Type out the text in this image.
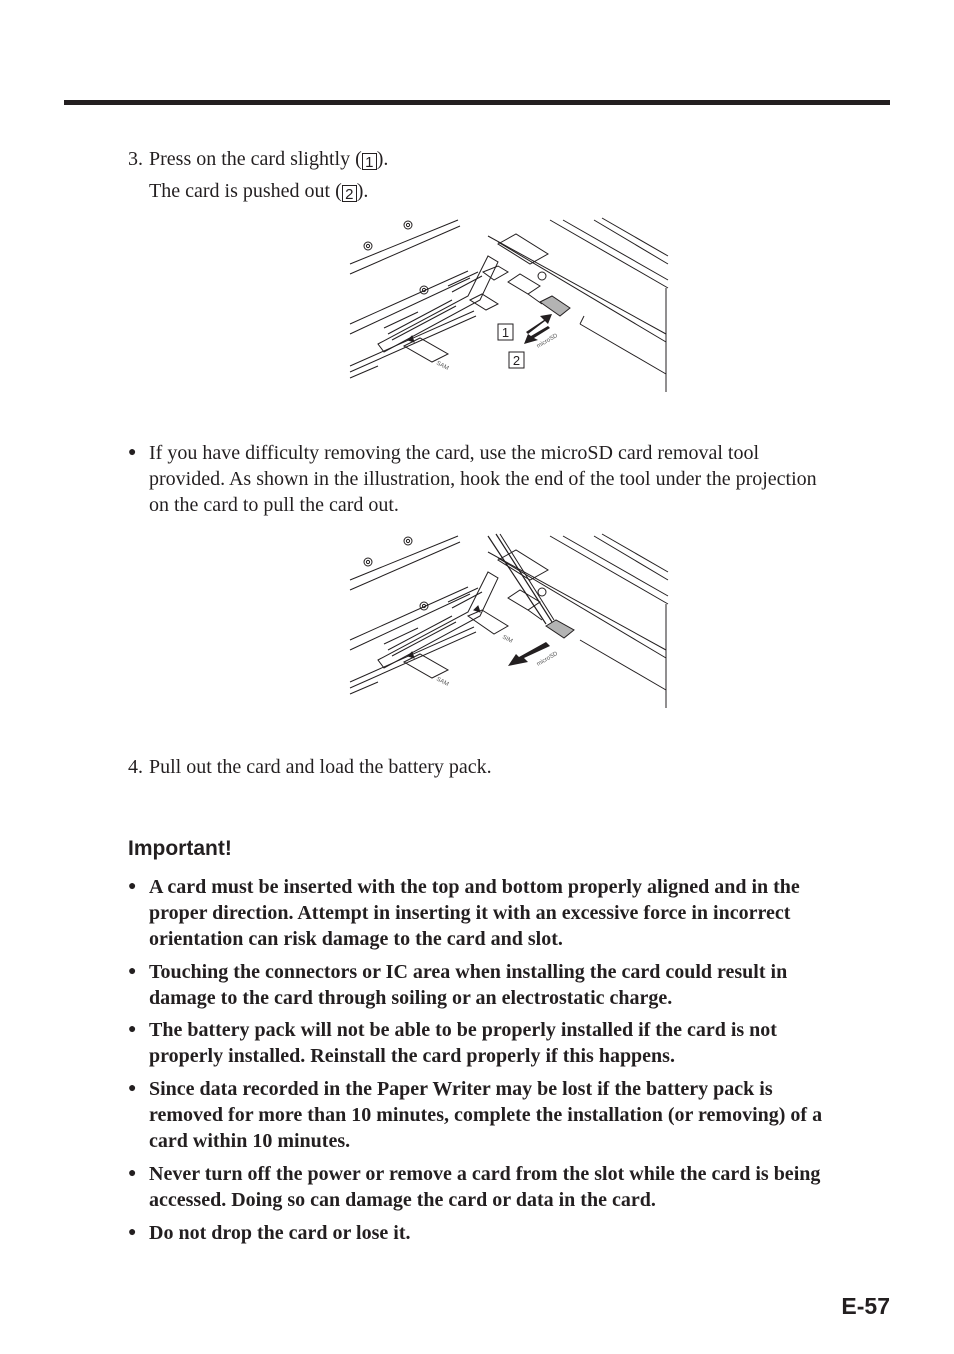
3. Press on the card slightly ( 1 ).
The card is pushed out ( 2 ).
1
2
SAM
microSD
● If you have difficulty removing the card, use the microSD card removal tool
provided. As shown in the illustration, hook the end of the tool under the projection
on the card to pull the card out.
SAM
SIM
microSD
4. Pull out the card and load the battery pack.
Important!
● A card must be inserted with the top and bottom properly aligned and in the
proper direction. Attempt in inserting it with an excessive force in incorrect
orientation can risk damage to the card and slot.
● Touching the connectors or IC area when installing the card could result in
damage to the card through soiling or an electrostatic charge.
● The battery pack will not be able to be properly installed if the card is not
properly installed. Reinstall the card properly if this happens.
● Since data recorded in the Paper Writer may be lost if the battery pack is
removed for more than 10 minutes, complete the installation (or removing) of a
card within 10 minutes.
● Never turn off the power or remove a card from the slot while the card is being
accessed. Doing so can damage the card or data in the card.
● Do not drop the card or lose it.
E-57
